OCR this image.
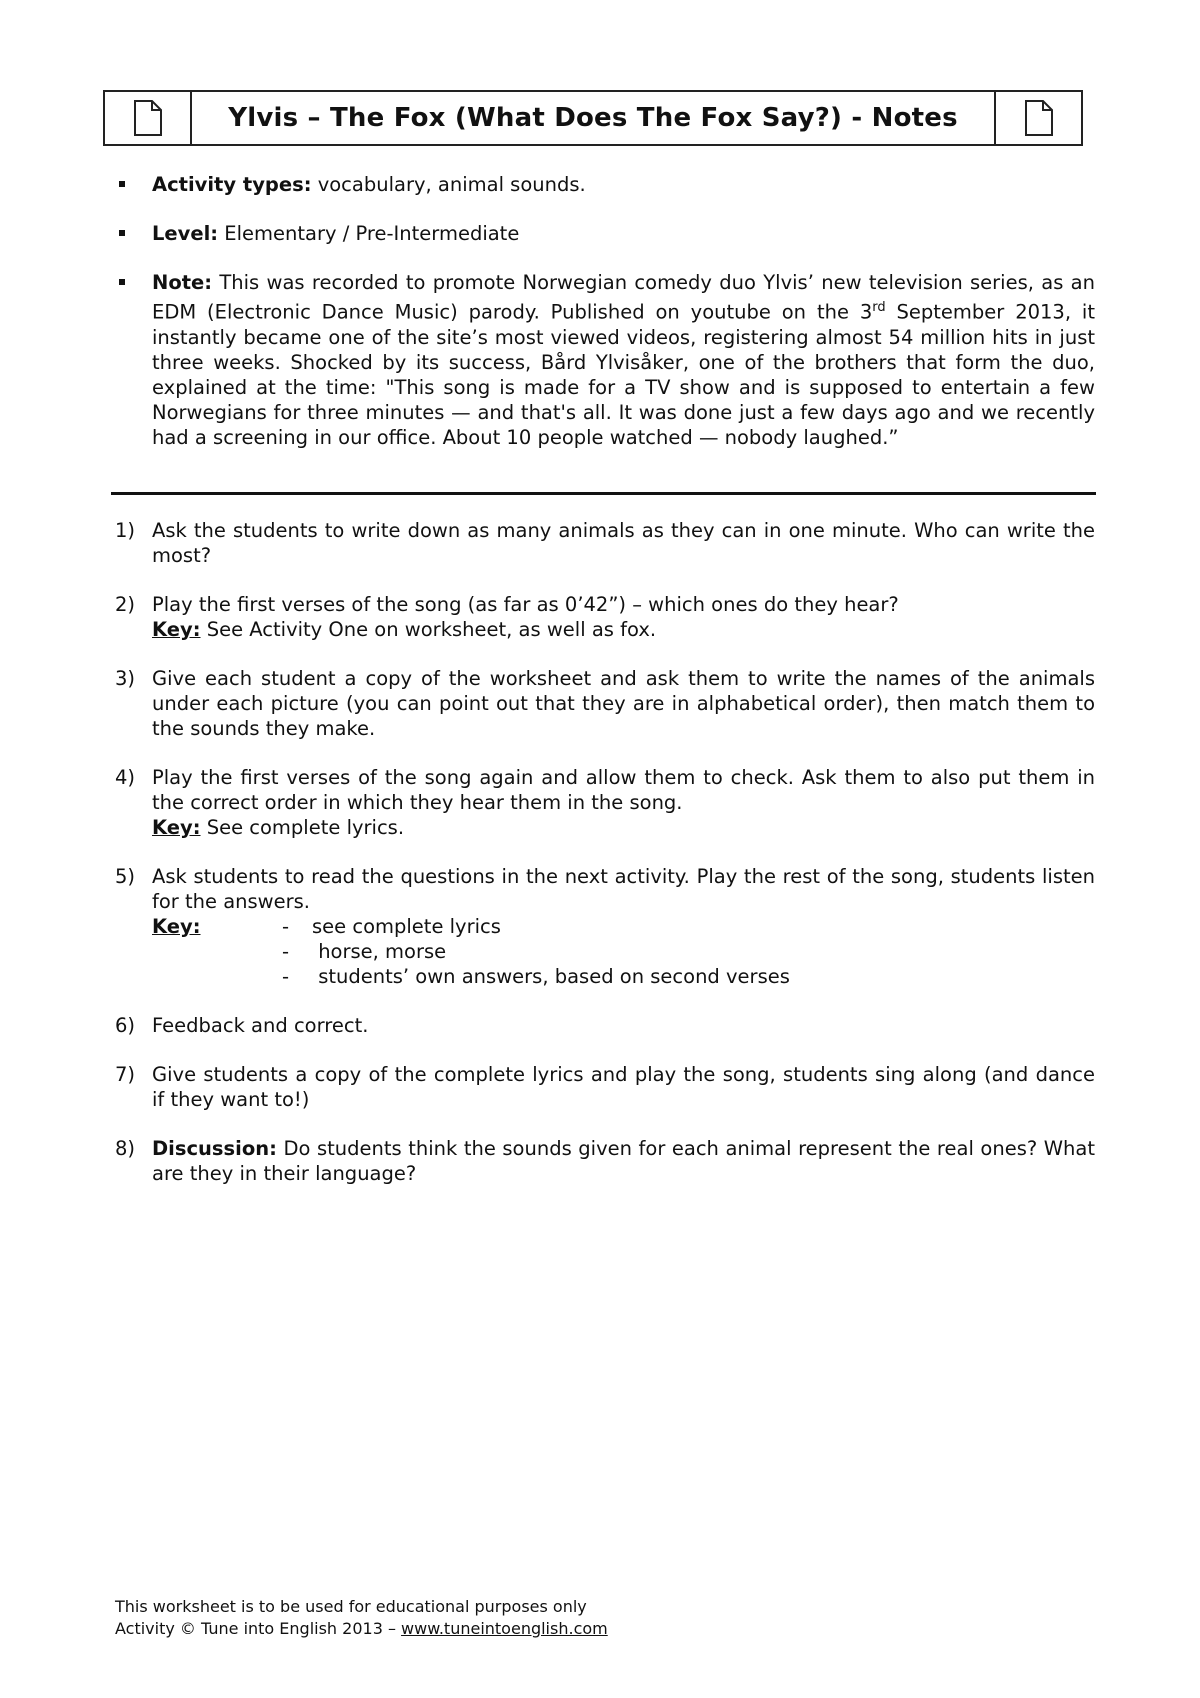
Ylvis – The Fox (What Does The Fox Say?) - Notes
Activity types: vocabulary, animal sounds.
Level: Elementary / Pre-Intermediate
Note: This was recorded to promote Norwegian comedy duo Ylvis’ new television series, as an EDM (Electronic Dance Music) parody. Published on youtube on the 3rd September 2013, it instantly became one of the site’s most viewed videos, registering almost 54 million hits in just three weeks. Shocked by its success, Bård Ylvisåker, one of the brothers that form the duo, explained at the time: "This song is made for a TV show and is supposed to entertain a few Norwegians for three minutes — and that's all. It was done just a few days ago and we recently had a screening in our office. About 10 people watched — nobody laughed.”
1) Ask the students to write down as many animals as they can in one minute. Who can write the most?
2) Play the first verses of the song (as far as 0’42”) – which ones do they hear?
Key: See Activity One on worksheet, as well as fox.
3) Give each student a copy of the worksheet and ask them to write the names of the animals under each picture (you can point out that they are in alphabetical order), then match them to the sounds they make.
4) Play the first verses of the song again and allow them to check. Ask them to also put them in the correct order in which they hear them in the song.
Key: See complete lyrics.
5) Ask students to read the questions in the next activity. Play the rest of the song, students listen for the answers.
Key:	-	see complete lyrics
-	horse, morse
-	students’ own answers, based on second verses
6) Feedback and correct.
7) Give students a copy of the complete lyrics and play the song, students sing along (and dance if they want to!)
8) Discussion: Do students think the sounds given for each animal represent the real ones? What are they in their language?
This worksheet is to be used for educational purposes only
Activity © Tune into English 2013 – www.tuneintoenglish.com
